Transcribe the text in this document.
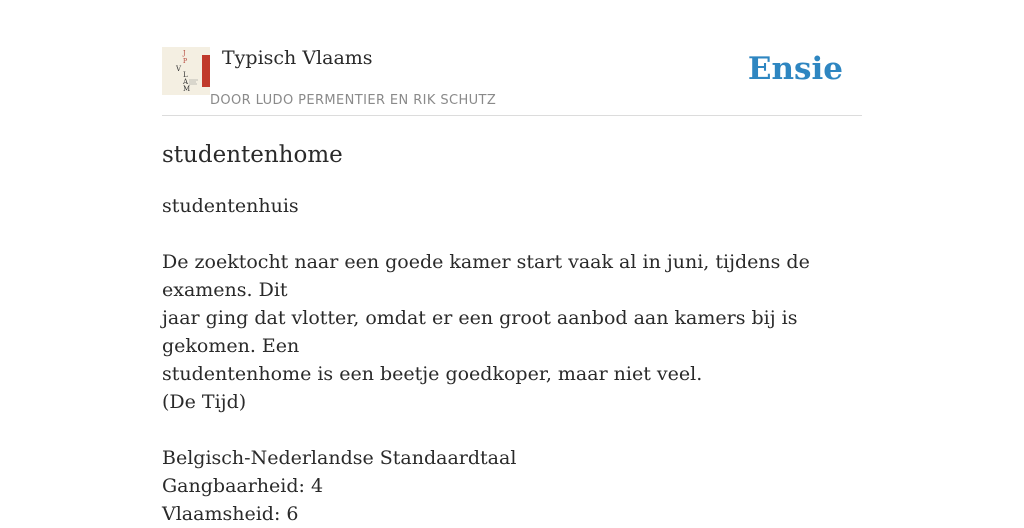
J
P
V
L
A
M
Typisch Vlaams
DOOR LUDO PERMENTIER EN RIK SCHUTZ
Ensie
studentenhome

studentenhuis

De zoektocht naar een goede kamer start vaak al in juni, tijdens de examens. Dit

jaar ging dat vlotter, omdat er een groot aanbod aan kamers bij is gekomen. Een

studentenhome is een beetje goedkoper, maar niet veel.

(De Tijd)

Belgisch-Nederlandse Standaardtaal

Gangbaarheid: 4

Vlaamsheid: 6
